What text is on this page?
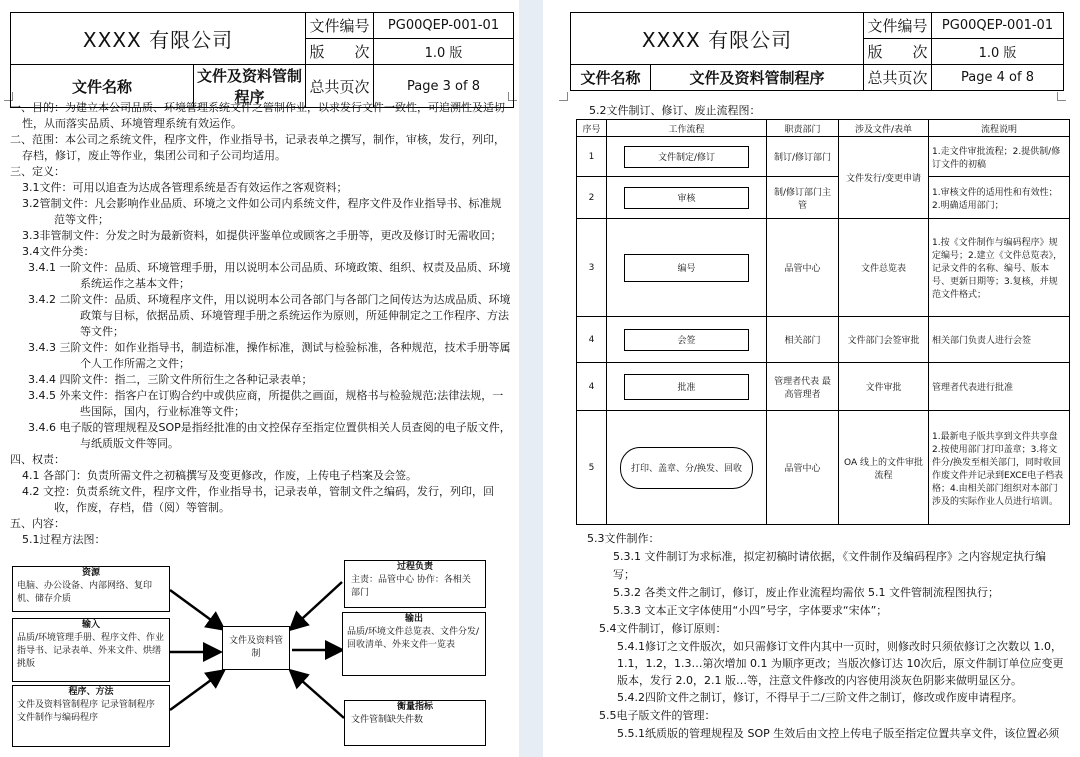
XXXX 有限公司		文件编号	PG00QEP-001-01
		版　　次	1.0 版
文件名称	文件及资料管制程序	总共页次	Page 3 of 8
一、目的：为建立本公司品质、环境管理系统文件之管制作业，以求发行文件一致性，可追溯性及适切性，从而落实品质、环境管理系统有效运作。
二、范围：本公司之系统文件，程序文件，作业指导书，记录表单之撰写，制作，审核，发行，列印，存档，修订，废止等作业，集团公司和子公司均适用。
三、定义：
3.1文件：可用以追查为达成各管理系统是否有效运作之客观资料；
3.2管制文件：凡会影响作业品质、环境之文件如公司内系统文件，程序文件及作业指导书、标准规范等文件；
3.3非管制文件：分发之时为最新资料，如提供评鉴单位或顾客之手册等，更改及修订时无需收回；
3.4文件分类：
3.4.1 一阶文件：品质、环境管理手册，用以说明本公司品质、环境政策、组织、权责及品质、环境系统运作之基本文件；
3.4.2 二阶文件：品质、环境程序文件，用以说明本公司各部门与各部门之间传达为达成品质、环境政策与目标，依据品质、环境管理手册之系统运作为原则，所延伸制定之工作程序、方法等文件；
3.4.3 三阶文件：如作业指导书，制造标准，操作标准，测试与检验标准，各种规范，技术手册等属个人工作所需之文件；
3.4.4 四阶文件：指二，三阶文件所衍生之各种记录表单；
3.4.5 外来文件：指客户在订购合约中或供应商，所提供之画面，规格书与检验规范;法律法规，一些国际，国内，行业标准等文件；
3.4.6 电子版的管理规程及SOP是指经批准的由文控保存至指定位置供相关人员查阅的电子版文件，与纸质版文件等同。
四、权责：
4.1 各部门：负责所需文件之初稿撰写及变更修改，作废，上传电子档案及会签。
4.2 文控：负责系统文件，程序文件，作业指导书，记录表单，管制文件之编码，发行，列印，回收，作废，存档，借（阅）等管制。
五、内容：
5.1过程方法图：
资源
电脑、办公设备、内部网络、复印机、储存介质
输入
品质/环境管理手册、程序文件、作业指导书、记录表单、外来文件、烘缮挑版
程序、方法
文件及资料管制程序 记录管制程序 文件制作与编码程序
文件及资料管制
过程负责
主责：品管中心 协作：各相关部门
输出
品质/环境文件总览表、文件分发/回收清单、外来文件一览表
衡量指标
文件管制缺失件数
XXXX 有限公司		文件编号	PG00QEP-001-01
		版　　次	1.0 版
文件名称	文件及资料管制程序	总共页次	Page 4 of 8
5.2文件制订、修订、废止流程图：
序号	工作流程	职责部门	涉及文件/表单	流程说明
1	文件制定/修订	制订/修订部门	文件发行/变更申请	1.走文件审批流程；2.提供制/修订文件的初稿
2	审核	制/修订部门主管		1.审核文件的适用性和有效性；2.明确适用部门；
3	编号	品管中心	文件总览表	1.按《文件制作与编码程序》规定编号；2.建立《文件总览表》，记录文件的名称、编号、版本号、更新日期等；3.复核，并规范文件格式；
4	会签	相关部门	文件部门会签审批	相关部门负责人进行会签
4	批准	管理者代表 最高管理者	文件审批	管理者代表进行批准
5	打印、盖章、分/换发、回收	品管中心	OA 线上的文件审批流程	1.最新电子版共享到文件共享盘 2.按使用部门打印盖章；3.将文件分/换发至相关部门，同时收回作废文件并记录到EXCE电子档表格；4.由相关部门组织对本部门涉及的实际作业人员进行培训。
5.3文件制作：
5.3.1 文件制订为求标准，拟定初稿时请依据，《文件制作及编码程序》之内容规定执行编写；
5.3.2 各类文件之制订，修订，废止作业流程均需依 5.1 文件管制流程图执行；
5.3.3 文本正文字体使用“小四”号字，字体要求“宋体”；
5.4文件制订，修订原则：
5.4.1修订之文件版次，如只需修订文件内其中一页时，则修改时只须依修订之次数以 1.0，1.1，1.2，1.3…第次增加 0.1 为顺序更改；当版次修订达 10次后，原文件制订单位应变更版本，发行 2.0，2.1 版…等，注意文件修改的内容使用淡灰色阴影来做明显区分。
5.4.2四阶文件之制订，修订，不得早于二/三阶文件之制订，修改或作废申请程序。
5.5电子版文件的管理：
5.5.1纸质版的管理规程及 SOP 生效后由文控上传电子版至指定位置共享文件，该位置必须
